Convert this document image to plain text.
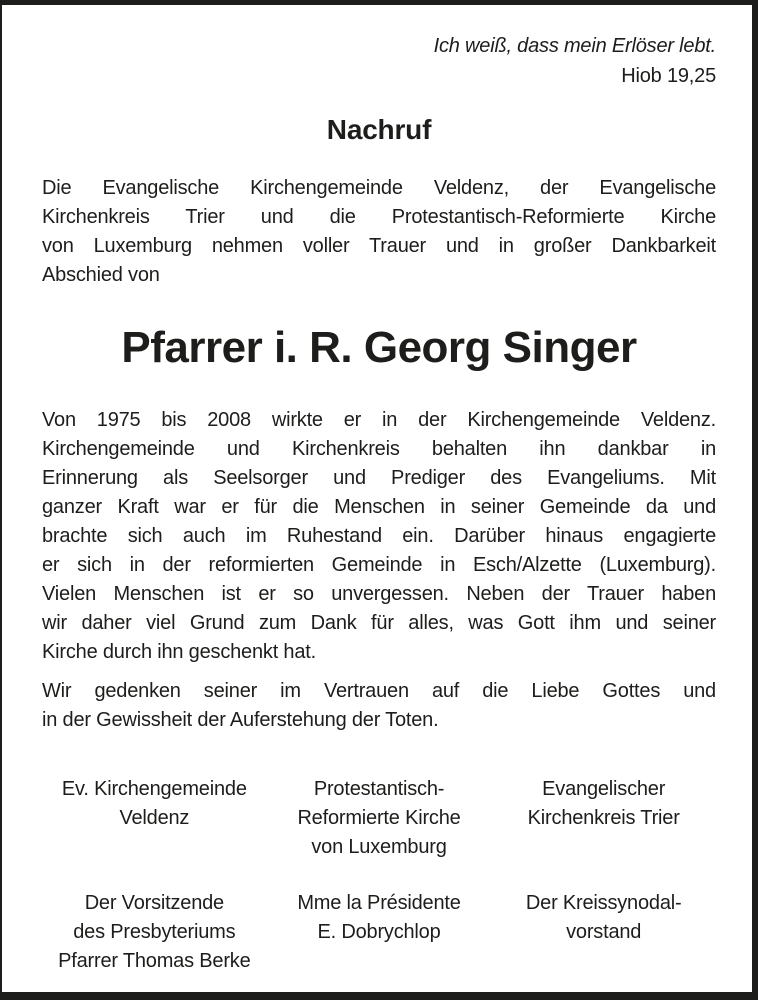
Ich weiß, dass mein Erlöser lebt.
Hiob 19,25
Nachruf
Die Evangelische Kirchengemeinde Veldenz, der Evangelische
Kirchenkreis Trier und die Protestantisch-Reformierte Kirche
von Luxemburg nehmen voller Trauer und in großer Dankbarkeit
Abschied von
Pfarrer i. R. Georg Singer
Von 1975 bis 2008 wirkte er in der Kirchengemeinde Veldenz.
Kirchengemeinde und Kirchenkreis behalten ihn dankbar in
Erinnerung als Seelsorger und Prediger des Evangeliums. Mit
ganzer Kraft war er für die Menschen in seiner Gemeinde da und
brachte sich auch im Ruhestand ein. Darüber hinaus engagierte
er sich in der reformierten Gemeinde in Esch/Alzette (Luxemburg).
Vielen Menschen ist er so unvergessen. Neben der Trauer haben
wir daher viel Grund zum Dank für alles, was Gott ihm und seiner
Kirche durch ihn geschenkt hat.
Wir gedenken seiner im Vertrauen auf die Liebe Gottes und
in der Gewissheit der Auferstehung der Toten.
Ev. Kirchengemeinde
Veldenz
Protestantisch-
Reformierte Kirche
von Luxemburg
Evangelischer
Kirchenkreis Trier
Der Vorsitzende
des Presbyteriums
Pfarrer Thomas Berke
Mme la Présidente
E. Dobrychlop
Der Kreissynodal-
vorstand
